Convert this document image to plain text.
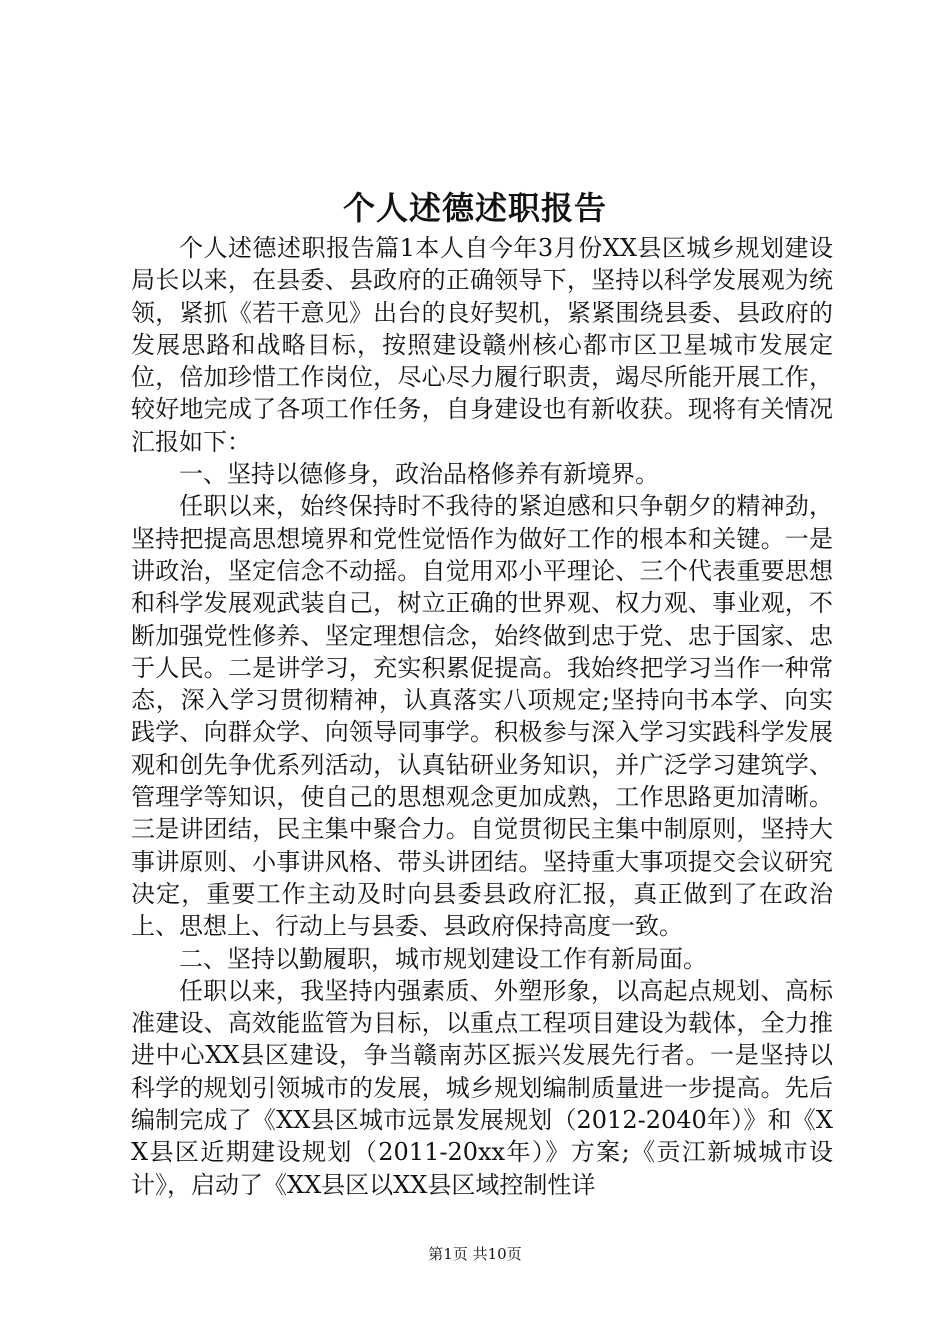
个人述德述职报告

个人述德述职报告篇1本人自今年3月份XX县区城乡规划建设局长以来，在县委、县政府的正确领导下，坚持以科学发展观为统领，紧抓《若干意见》出台的良好契机，紧紧围绕县委、县政府的发展思路和战略目标，按照建设赣州核心都市区卫星城市发展定位，倍加珍惜工作岗位，尽心尽力履行职责，竭尽所能开展工作，较好地完成了各项工作任务，自身建设也有新收获。现将有关情况汇报如下：

一、坚持以德修身，政治品格修养有新境界。

任职以来，始终保持时不我待的紧迫感和只争朝夕的精神劲，坚持把提高思想境界和党性觉悟作为做好工作的根本和关键。一是讲政治，坚定信念不动摇。自觉用邓小平理论、三个代表重要思想和科学发展观武装自己，树立正确的世界观、权力观、事业观，不断加强党性修养、坚定理想信念，始终做到忠于党、忠于国家、忠于人民。二是讲学习，充实积累促提高。我始终把学习当作一种常态，深入学习贯彻精神，认真落实八项规定;坚持向书本学、向实践学、向群众学、向领导同事学。积极参与深入学习实践科学发展观和创先争优系列活动，认真钻研业务知识，并广泛学习建筑学、管理学等知识，使自己的思想观念更加成熟，工作思路更加清晰。三是讲团结，民主集中聚合力。自觉贯彻民主集中制原则，坚持大事讲原则、小事讲风格、带头讲团结。坚持重大事项提交会议研究决定，重要工作主动及时向县委县政府汇报，真正做到了在政治上、思想上、行动上与县委、县政府保持高度一致。

二、坚持以勤履职，城市规划建设工作有新局面。

任职以来，我坚持内强素质、外塑形象，以高起点规划、高标准建设、高效能监管为目标，以重点工程项目建设为载体，全力推进中心XX县区建设，争当赣南苏区振兴发展先行者。一是坚持以科学的规划引领城市的发展，城乡规划编制质量进一步提高。先后编制完成了《XX县区城市远景发展规划（2012-2040年）》和《XX县区近期建设规划（2011-20xx年）》方案;《贡江新城城市设计》，启动了《XX县区以XX县区域控制性详

第1页 共10页
